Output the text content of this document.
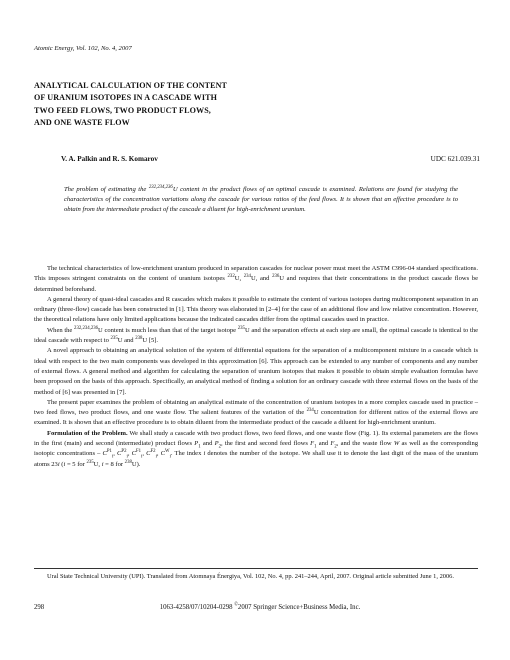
Atomic Energy, Vol. 102, No. 4, 2007
ANALYTICAL CALCULATION OF THE CONTENT
OF URANIUM ISOTOPES IN A CASCADE WITH
TWO FEED FLOWS, TWO PRODUCT FLOWS,
AND ONE WASTE FLOW
V. A. Palkin and R. S. Komarov	UDC 621.039.31
The problem of estimating the $^{232,234,236}$U content in the product flows of an optimal cascade is examined. Relations are found for studying the characteristics of the concentration variations along the cascade for various ratios of the feed flows. It is shown that an effective procedure is to obtain from the intermediate product of the cascade a diluent for high-enrichment uranium.

The technical characteristics of low-enrichment uranium produced in separation cascades for nuclear power must meet the ASTM C996-04 standard specifications. This imposes stringent constraints on the content of uranium isotopes $^{232}$U, $^{234}$U, and $^{236}$U and requires that their concentrations in the product cascade flows be determined beforehand.

A general theory of quasi-ideal cascades and R cascades which makes it possible to estimate the content of various isotopes during multicomponent separation in an ordinary (three-flow) cascade has been constructed in [1]. This theory was elaborated in [2–4] for the case of an additional flow and low relative concentration. However, the theoretical relations have only limited applications because the indicated cascades differ from the optimal cascades used in practice.

When the $^{232,234,236}$U content is much less than that of the target isotope $^{235}$U and the separation effects at each step are small, the optimal cascade is identical to the ideal cascade with respect to $^{235}$U and $^{238}$U [5].

A novel approach to obtaining an analytical solution of the system of differential equations for the separation of a multicomponent mixture in a cascade which is ideal with respect to the two main components was developed in this approximation [6]. This approach can be extended to any number of components and any number of external flows. A general method and algorithm for calculating the separation of uranium isotopes that makes it possible to obtain simple evaluation formulas have been proposed on the basis of this approach. Specifically, an analytical method of finding a solution for an ordinary cascade with three external flows on the basis of the method of [6] was presented in [7].

The present paper examines the problem of obtaining an analytical estimate of the concentration of uranium isotopes in a more complex cascade used in practice – two feed flows, two product flows, and one waste flow. The salient features of the variation of the $^{234}$U concentration for different ratios of the external flows are examined. It is shown that an effective procedure is to obtain diluent from the intermediate product of the cascade a diluent for high-enrichment uranium.

Formulation of the Problem. We shall study a cascade with two product flows, two feed flows, and one waste flow (Fig. 1). Its external parameters are the flows in the first (main) and second (intermediate) product flows $P_1$ and $P_2$, the first and second feed flows $F_1$ and $F_2$, and the waste flow W as well as the corresponding isotopic concentrations – $C^{P1}_i$, $C^{P2}_i$, $C^{F1}_i$, $C^{F2}_i$, $C^W_i$. The index i denotes the number of the isotope. We shall use it to denote the last digit of the mass of the uranium atoms 23i (i = 5 for $^{235}$U, i = 8 for $^{238}$U).

Ural State Technical University (UPI). Translated from Atomnaya Énergiya, Vol. 102, No. 4, pp. 241–244, April, 2007. Original article submitted June 1, 2006.

298	1063-4258/07/10204-0298 ©2007 Springer Science+Business Media, Inc.
